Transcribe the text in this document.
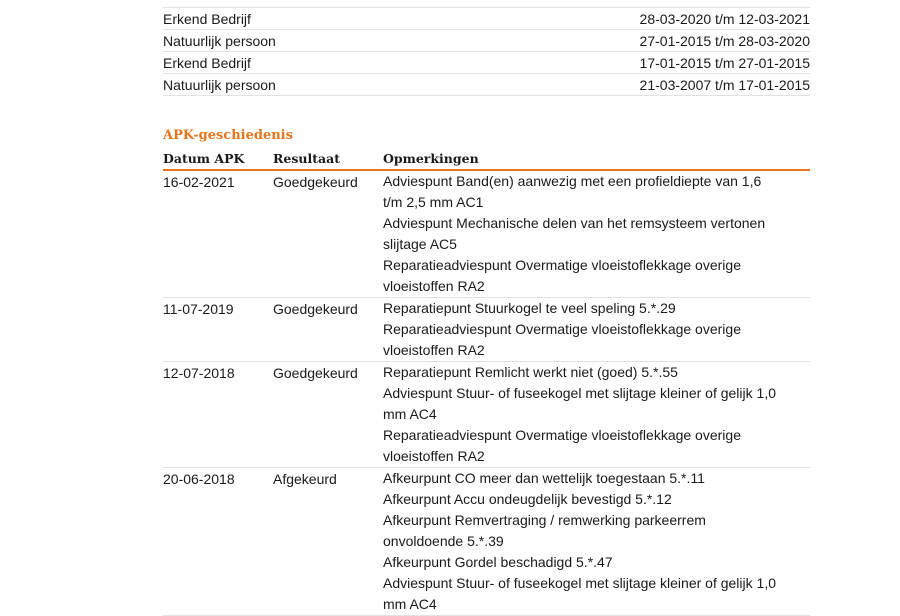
Erkend Bedrijf	28-03-2020 t/m 12-03-2021
Natuurlijk persoon	27-01-2015 t/m 28-03-2020
Erkend Bedrijf	17-01-2015 t/m 27-01-2015
Natuurlijk persoon	21-03-2007 t/m 17-01-2015
APK-geschiedenis
Datum APK	Resultaat	Opmerkingen
16-02-2021	Goedgekeurd	Adviespunt Band(en) aanwezig met een profieldiepte van 1,6 t/m 2,5 mm AC1
Adviespunt Mechanische delen van het remsysteem vertonen slijtage AC5
Reparatieadviespunt Overmatige vloeistoflekkage overige vloeistoffen RA2
11-07-2019	Goedgekeurd	Reparatiepunt Stuurkogel te veel speling 5.*.29
Reparatieadviespunt Overmatige vloeistoflekkage overige vloeistoffen RA2
12-07-2018	Goedgekeurd	Reparatiepunt Remlicht werkt niet (goed) 5.*.55
Adviespunt Stuur- of fuseekogel met slijtage kleiner of gelijk 1,0 mm AC4
Reparatieadviespunt Overmatige vloeistoflekkage overige vloeistoffen RA2
20-06-2018	Afgekeurd	Afkeurpunt CO meer dan wettelijk toegestaan 5.*.11
Afkeurpunt Accu ondeugdelijk bevestigd 5.*.12
Afkeurpunt Remvertraging / remwerking parkeerrem onvoldoende 5.*.39
Afkeurpunt Gordel beschadigd 5.*.47
Adviespunt Stuur- of fuseekogel met slijtage kleiner of gelijk 1,0 mm AC4
